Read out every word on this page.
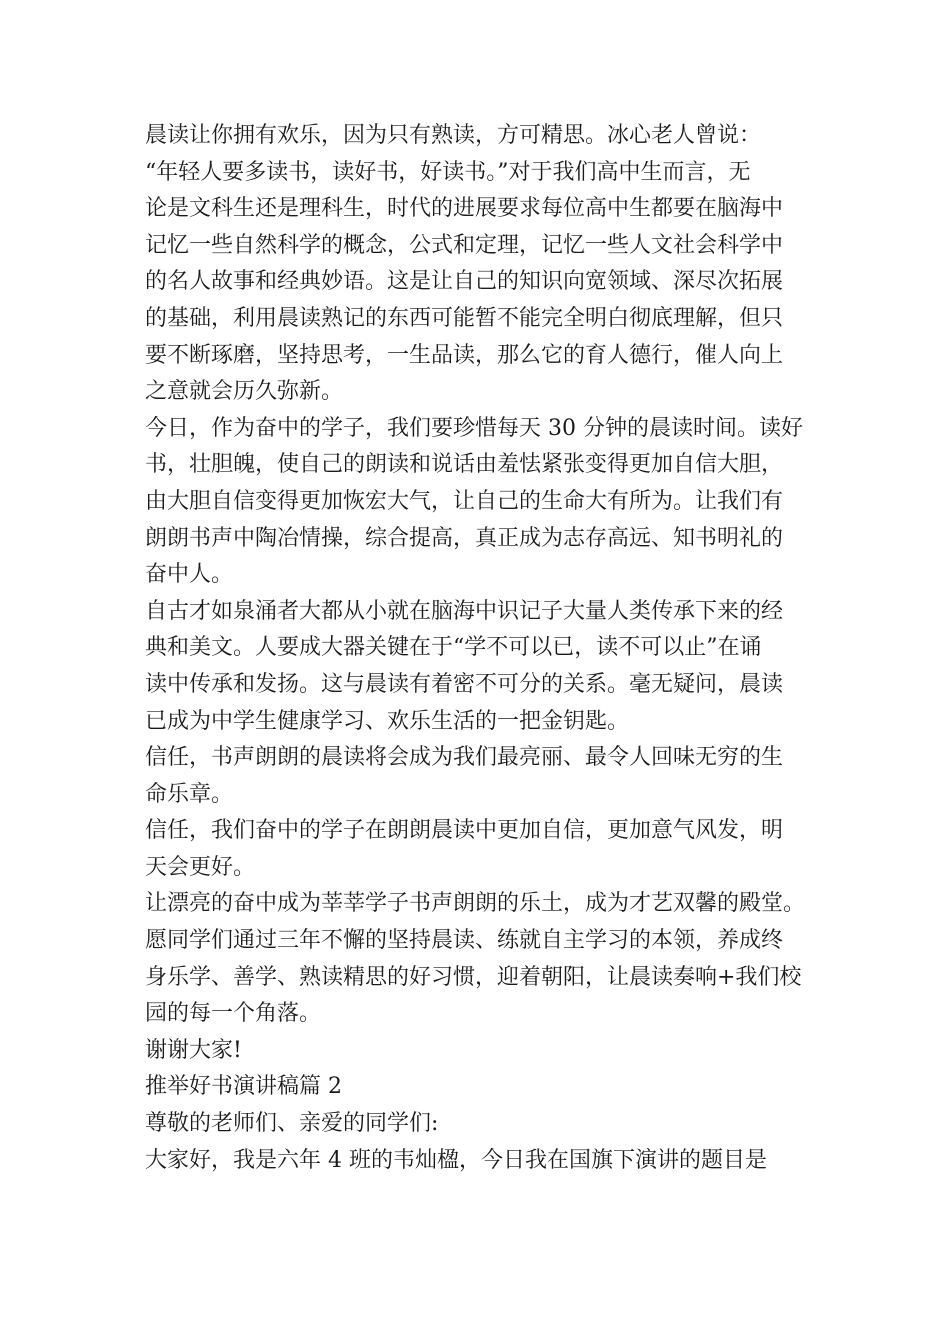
晨读让你拥有欢乐，因为只有熟读，方可精思。冰心老人曾说：
“年轻人要多读书，读好书，好读书。”对于我们高中生而言，无
论是文科生还是理科生，时代的进展要求每位高中生都要在脑海中
记忆一些自然科学的概念，公式和定理，记忆一些人文社会科学中
的名人故事和经典妙语。这是让自己的知识向宽领域、深尽次拓展
的基础，利用晨读熟记的东西可能暂不能完全明白彻底理解，但只
要不断琢磨，坚持思考，一生品读，那么它的育人德行，催人向上
之意就会历久弥新。

今日，作为奋中的学子，我们要珍惜每天 30 分钟的晨读时间。读好
书，壮胆魄，使自己的朗读和说话由羞怯紧张变得更加自信大胆，
由大胆自信变得更加恢宏大气，让自己的生命大有所为。让我们有
朗朗书声中陶冶情操，综合提高，真正成为志存高远、知书明礼的
奋中人。

自古才如泉涌者大都从小就在脑海中识记子大量人类传承下来的经
典和美文。人要成大器关键在于“学不可以已，读不可以止”在诵
读中传承和发扬。这与晨读有着密不可分的关系。毫无疑问，晨读
已成为中学生健康学习、欢乐生活的一把金钥匙。

信任，书声朗朗的晨读将会成为我们最亮丽、最令人回味无穷的生
命乐章。

信任，我们奋中的学子在朗朗晨读中更加自信，更加意气风发，明
天会更好。

让漂亮的奋中成为莘莘学子书声朗朗的乐土，成为才艺双馨的殿堂。

愿同学们通过三年不懈的坚持晨读、练就自主学习的本领，养成终
身乐学、善学、熟读精思的好习惯，迎着朝阳，让晨读奏响+我们校
园的每一个角落。

谢谢大家!

推举好书演讲稿篇 2

尊敬的老师们、亲爱的同学们:

大家好，我是六年 4 班的韦灿楹，今日我在国旗下演讲的题目是
